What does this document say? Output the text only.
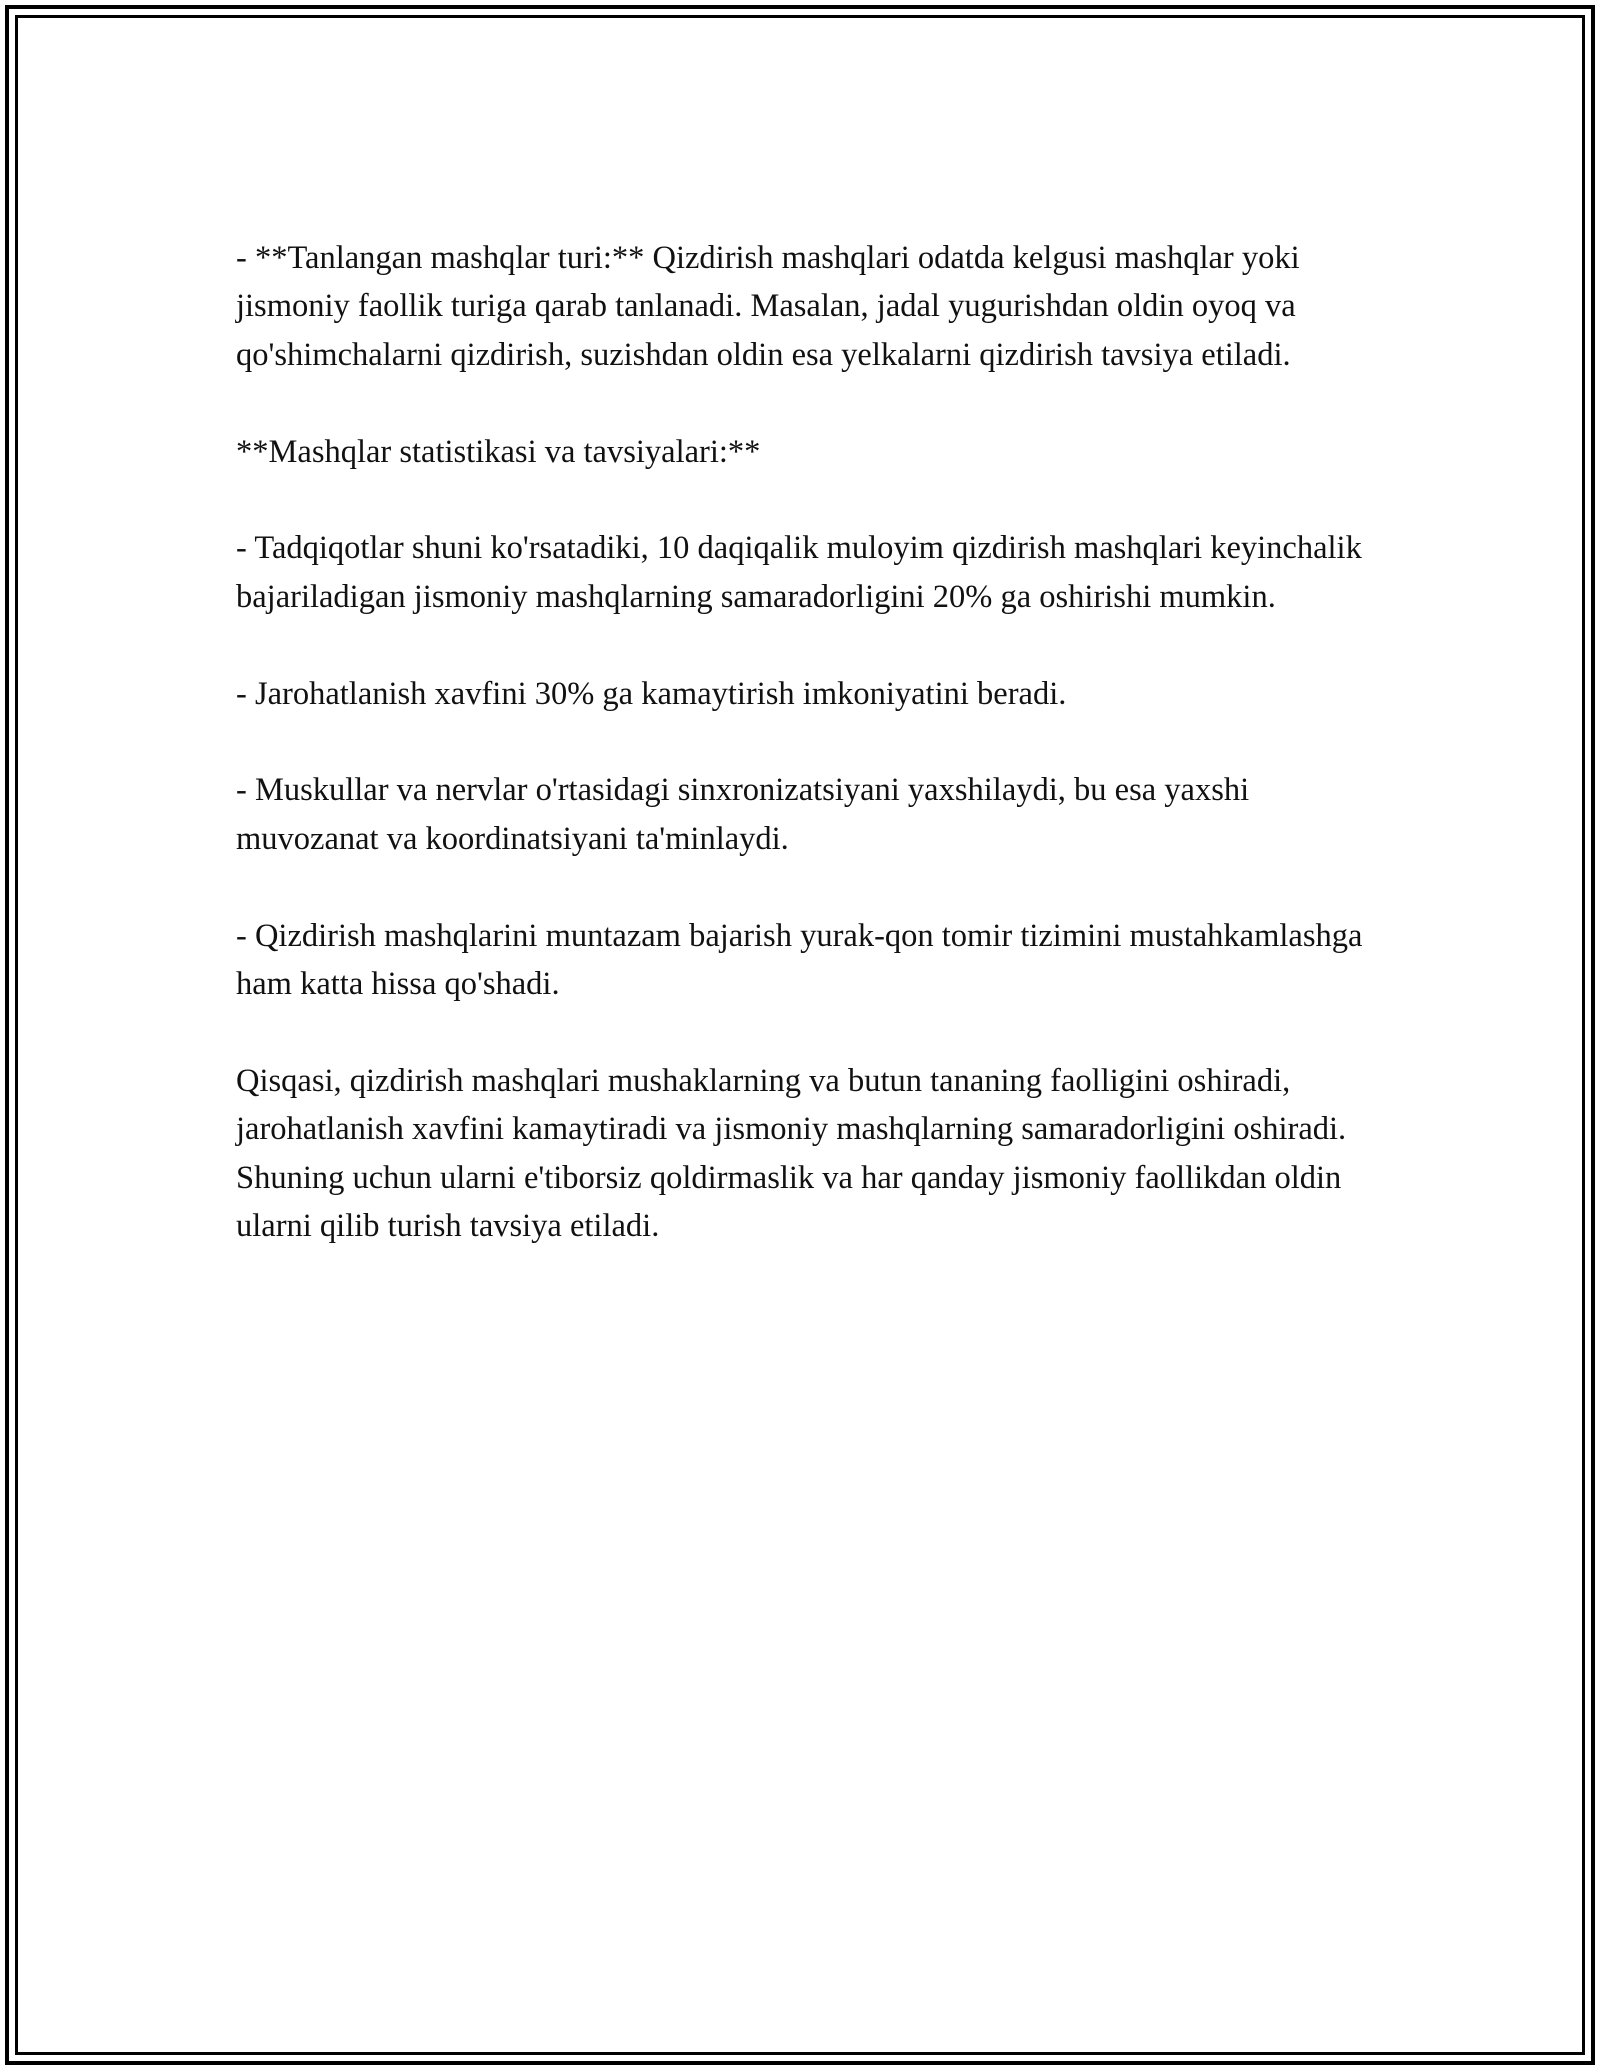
- **Tanlangan mashqlar turi:** Qizdirish mashqlari odatda kelgusi mashqlar yoki jismoniy faollik turiga qarab tanlanadi. Masalan, jadal yugurishdan oldin oyoq va qo'shimchalarni qizdirish, suzishdan oldin esa yelkalarni qizdirish tavsiya etiladi.

**Mashqlar statistikasi va tavsiyalari:**

- Tadqiqotlar shuni ko'rsatadiki, 10 daqiqalik muloyim qizdirish mashqlari keyinchalik bajariladigan jismoniy mashqlarning samaradorligini 20% ga oshirishi mumkin.

- Jarohatlanish xavfini 30% ga kamaytirish imkoniyatini beradi.

- Muskullar va nervlar o'rtasidagi sinxronizatsiyani yaxshilaydi, bu esa yaxshi muvozanat va koordinatsiyani ta'minlaydi.

- Qizdirish mashqlarini muntazam bajarish yurak-qon tomir tizimini mustahkamlashga ham katta hissa qo'shadi.

Qisqasi, qizdirish mashqlari mushaklarning va butun tananing faolligini oshiradi, jarohatlanish xavfini kamaytiradi va jismoniy mashqlarning samaradorligini oshiradi. Shuning uchun ularni e'tiborsiz qoldirmaslik va har qanday jismoniy faollikdan oldin ularni qilib turish tavsiya etiladi.
